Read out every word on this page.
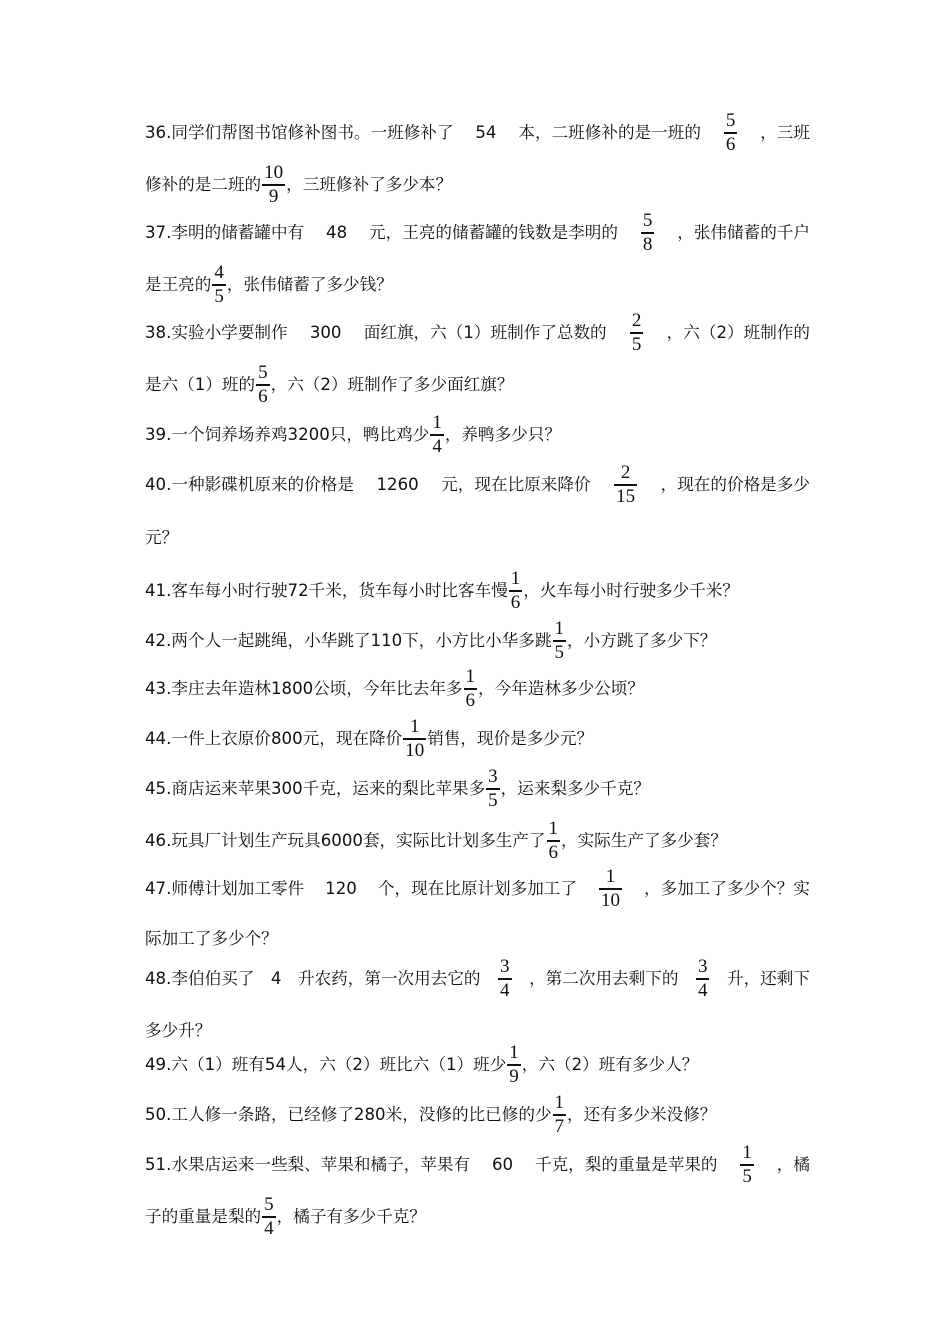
36.同学们帮图书馆修补图书。一班修补了 54 本，二班修补的是一班的 $\frac{5}{6}$ ，三班
修补的是二班的 $\frac{10}{9}$ ，三班修补了多少本？
37.李明的储蓄罐中有 48 元，王亮的储蓄罐的钱数是李明的 $\frac{5}{8}$ ，张伟储蓄的千户
是王亮的 $\frac{4}{5}$ ，张伟储蓄了多少钱？
38.实验小学要制作 300 面红旗，六（1）班制作了总数的 $\frac{2}{5}$ ，六（2）班制作的
是六（1）班的 $\frac{5}{6}$ ，六（2）班制作了多少面红旗？
39.一个饲养场养鸡 3200 只，鸭比鸡少 $\frac{1}{4}$ ，养鸭多少只？
40.一种影碟机原来的价格是 1260 元，现在比原来降价 $\frac{2}{15}$ ，现在的价格是多少
元？
41.客车每小时行驶 72 千米，货车每小时比客车慢 $\frac{1}{6}$ ，火车每小时行驶多少千米？
42.两个人一起跳绳，小华跳了 110 下，小方比小华多跳 $\frac{1}{5}$ ，小方跳了多少下？
43.李庄去年造林 1800 公顷，今年比去年多 $\frac{1}{6}$ ，今年造林多少公顷？
44.一件上衣原价 800 元，现在降价 $\frac{1}{10}$ 销售，现价是多少元？
45.商店运来苹果 300 千克，运来的梨比苹果多 $\frac{3}{5}$ ，运来梨多少千克？
46.玩具厂计划生产玩具 6000 套，实际比计划多生产了 $\frac{1}{6}$ ，实际生产了多少套？
47.师傅计划加工零件 120 个，现在比原计划多加工了 $\frac{1}{10}$ ，多加工了多少个？实
际加工了多少个？
48.李伯伯买了 4 升农药，第一次用去它的 $\frac{3}{4}$ ，第二次用去剩下的 $\frac{3}{4}$ 升，还剩下
多少升？
49.六（1）班有 54 人，六（2）班比六（1）班少 $\frac{1}{9}$ ，六（2）班有多少人？
50.工人修一条路，已经修了 280 米，没修的比已修的少 $\frac{1}{7}$ ，还有多少米没修？
51.水果店运来一些梨、苹果和橘子，苹果有 60 千克，梨的重量是苹果的 $\frac{1}{5}$ ，橘
子的重量是梨的 $\frac{5}{4}$ ，橘子有多少千克？
